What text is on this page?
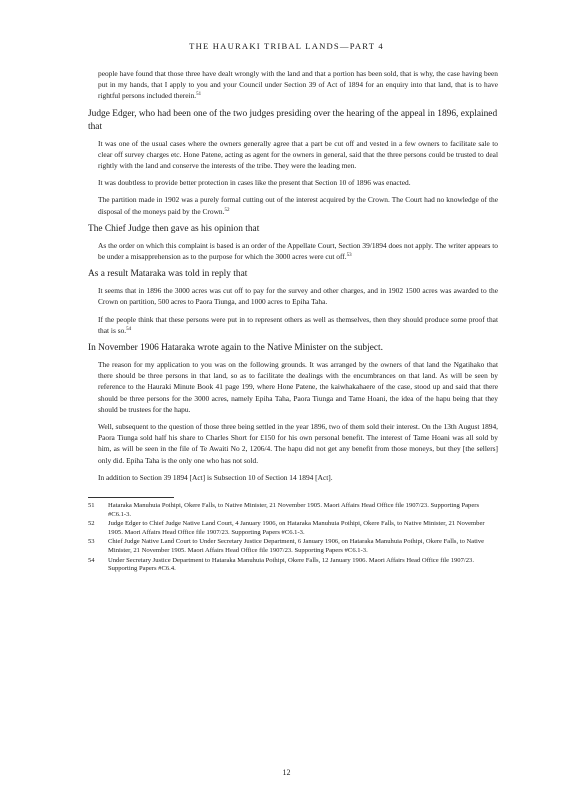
THE HAURAKI TRIBAL LANDS—PART 4

people have found that those three have dealt wrongly with the land and that a portion has been sold, that is why, the case having been put in my hands, that I apply to you and your Council under Section 39 of Act of 1894 for an enquiry into that land, that is to have rightful persons included therein.$^{51}$

Judge Edger, who had been one of the two judges presiding over the hearing of the appeal in 1896, explained that

It was one of the usual cases where the owners generally agree that a part be cut off and vested in a few owners to facilitate sale to clear off survey charges etc. Hone Patene, acting as agent for the owners in general, said that the three persons could be trusted to deal rightly with the land and conserve the interests of the tribe. They were the leading men.

It was doubtless to provide better protection in cases like the present that Section 10 of 1896 was enacted.

The partition made in 1902 was a purely formal cutting out of the interest acquired by the Crown. The Court had no knowledge of the disposal of the moneys paid by the Crown.$^{52}$

The Chief Judge then gave as his opinion that

As the order on which this complaint is based is an order of the Appellate Court, Section 39/1894 does not apply. The writer appears to be under a misapprehension as to the purpose for which the 3000 acres were cut off.$^{53}$

As a result Mataraka was told in reply that

It seems that in 1896 the 3000 acres was cut off to pay for the survey and other charges, and in 1902 1500 acres was awarded to the Crown on partition, 500 acres to Paora Tiunga, and 1000 acres to Epiha Taha.

If the people think that these persons were put in to represent others as well as themselves, then they should produce some proof that that is so.$^{54}$

In November 1906 Hataraka wrote again to the Native Minister on the subject.

The reason for my application to you was on the following grounds. It was arranged by the owners of that land the Ngatihako that there should be three persons in that land, so as to facilitate the dealings with the encumbrances on that land. As will be seen by reference to the Hauraki Minute Book 41 page 199, where Hone Patene, the kaiwhakahaere of the case, stood up and said that there should be three persons for the 3000 acres, namely Epiha Taha, Paora Tiunga and Tame Hoani, the idea of the hapu being that they should be trustees for the hapu.

Well, subsequent to the question of those three being settled in the year 1896, two of them sold their interest. On the 13th August 1894, Paora Tiunga sold half his share to Charles Short for £150 for his own personal benefit. The interest of Tame Hoani was all sold by him, as will be seen in the file of Te Awaiti No 2, 1206/4. The hapu did not get any benefit from those moneys, but they [the sellers] only did. Epiha Taha is the only one who has not sold.

In addition to Section 39 1894 [Act] is Subsection 10 of Section 14 1894 [Act].

51	Hataraka Manuhuia Poihipi, Okere Falls, to Native Minister, 21 November 1905. Maori Affairs Head Office file 1907/23. Supporting Papers #C6.1-3.
52	Judge Edger to Chief Judge Native Land Court, 4 January 1906, on Hataraka Manuhuia Poihipi, Okere Falls, to Native Minister, 21 November 1905. Maori Affairs Head Office file 1907/23. Supporting Papers #C6.1-3.
53	Chief Judge Native Land Court to Under Secretary Justice Department, 6 January 1906, on Hataraka Manuhuia Poihipi, Okere Falls, to Native Minister, 21 November 1905. Maori Affairs Head Office file 1907/23. Supporting Papers #C6.1-3.
54	Under Secretary Justice Department to Hataraka Manuhuia Poihipi, Okere Falls, 12 January 1906. Maori Affairs Head Office file 1907/23. Supporting Papers #C6.4.
12
